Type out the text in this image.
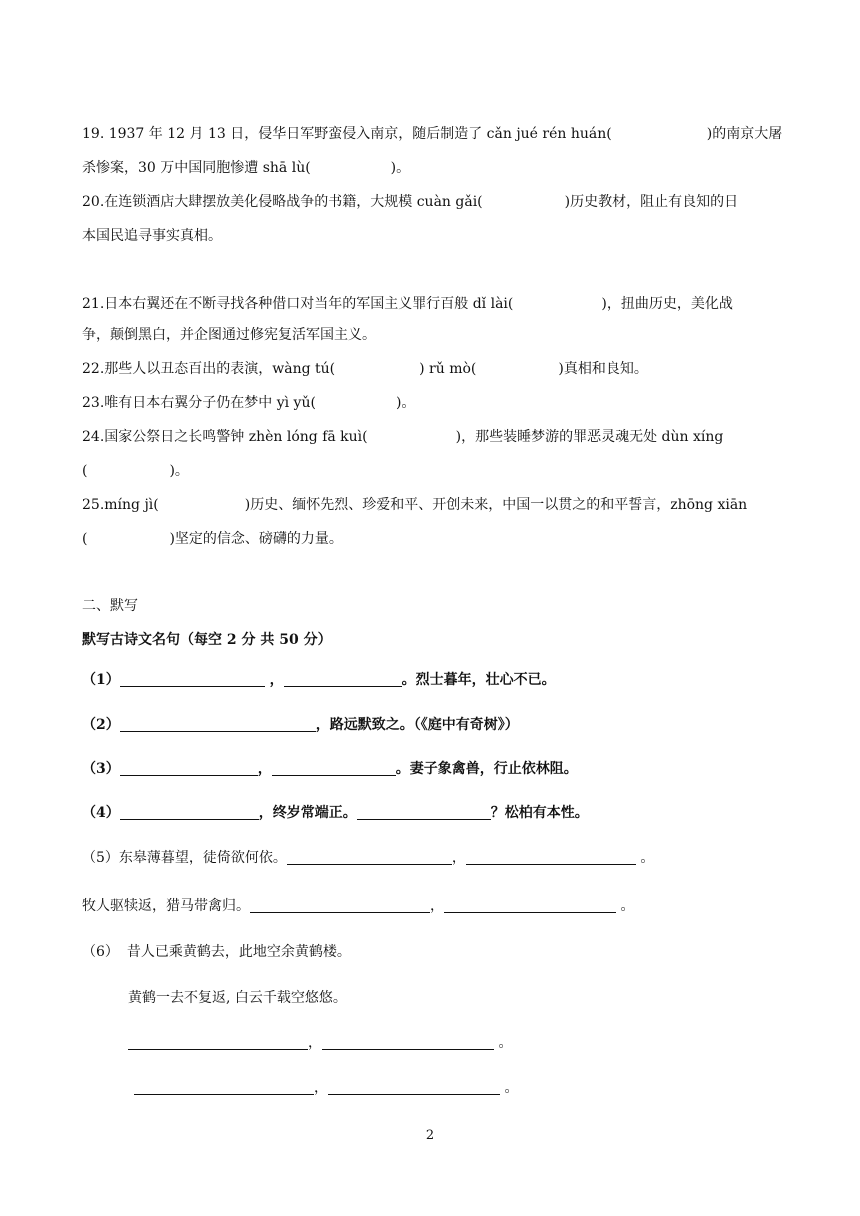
19. 1937 年 12 月 13 日，侵华日军野蛮侵入南京，随后制造了 cǎn jué rén huán(	)的南京大屠
杀惨案，30 万中国同胞惨遭 shā lù(	)。
20.在连锁酒店大肆摆放美化侵略战争的书籍，大规模 cuàn gǎi(	)历史教材，阻止有良知的日
本国民追寻事实真相。
21.日本右翼还在不断寻找各种借口对当年的军国主义罪行百般 dǐ lài(	)，扭曲历史，美化战
争，颠倒黑白，并企图通过修宪复活军国主义。
22.那些人以丑态百出的表演，wàng tú(	) rǔ mò(	)真相和良知。
23.唯有日本右翼分子仍在梦中 yì yǔ(	)。
24.国家公祭日之长鸣警钟 zhèn lóng fā kuì(	)，那些装睡梦游的罪恶灵魂无处 dùn xíng
(	)。
25.míng jì(	)历史、缅怀先烈、珍爱和平、开创未来，中国一以贯之的和平誓言，zhōng xiān
(	)坚定的信念、磅礴的力量。
二、默写
默写古诗文名句（每空 2 分 共 50 分）
（1）	，	。烈士暮年，壮心不已。
（2）	，路远默致之。（《庭中有奇树》）
（3）	，	。妻子象禽兽，行止依林阻。
（4）	，终岁常端正。	？松柏有本性。
（5）东皋薄暮望，徒倚欲何依。	，	。
牧人驱犊返，猎马带禽归。	，	。
（6） 昔人已乘黄鹤去，此地空余黄鹤楼。
黄鹤一去不复返, 白云千载空悠悠。
，	。
，	。
2
